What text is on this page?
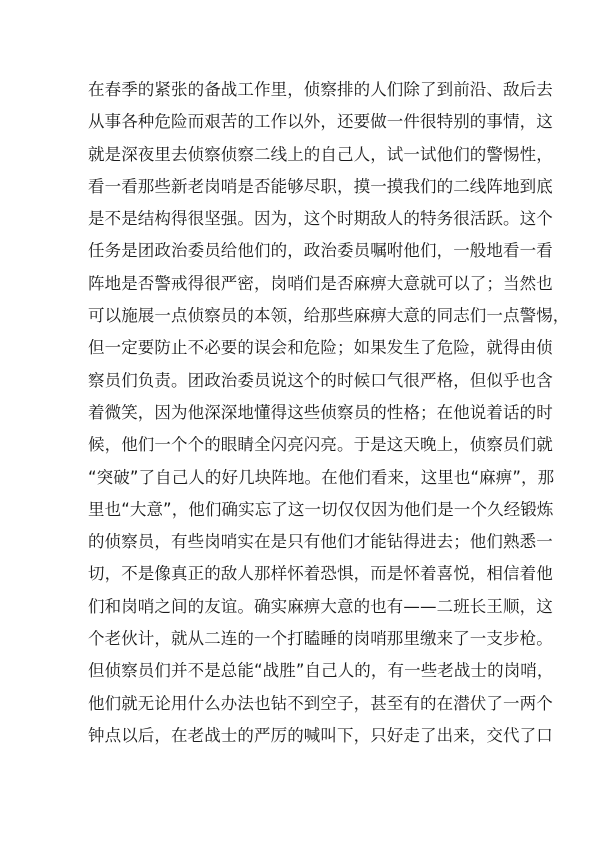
在春季的紧张的备战工作里，侦察排的人们除了到前沿、敌后去
从事各种危险而艰苦的工作以外，还要做一件很特别的事情，这
就是深夜里去侦察侦察二线上的自己人，试一试他们的警惕性，
看一看那些新老岗哨是否能够尽职，摸一摸我们的二线阵地到底
是不是结构得很坚强。因为，这个时期敌人的特务很活跃。这个
任务是团政治委员给他们的，政治委员嘱咐他们，一般地看一看
阵地是否警戒得很严密，岗哨们是否麻痹大意就可以了；当然也
可以施展一点侦察员的本领，给那些麻痹大意的同志们一点警惕，
但一定要防止不必要的误会和危险；如果发生了危险，就得由侦
察员们负责。团政治委员说这个的时候口气很严格，但似乎也含
着微笑，因为他深深地懂得这些侦察员的性格；在他说着话的时
候，他们一个个的眼睛全闪亮闪亮。于是这天晚上，侦察员们就
“突破”了自己人的好几块阵地。在他们看来，这里也“麻痹”，那
里也“大意”，他们确实忘了这一切仅仅因为他们是一个久经锻炼
的侦察员，有些岗哨实在是只有他们才能钻得进去；他们熟悉一
切，不是像真正的敌人那样怀着恐惧，而是怀着喜悦，相信着他
们和岗哨之间的友谊。确实麻痹大意的也有——二班长王顺，这
个老伙计，就从二连的一个打瞌睡的岗哨那里缴来了一支步枪。
但侦察员们并不是总能“战胜”自己人的，有一些老战士的岗哨，
他们就无论用什么办法也钻不到空子，甚至有的在潜伏了一两个
钟点以后，在老战士的严厉的喊叫下，只好走了出来，交代了口
